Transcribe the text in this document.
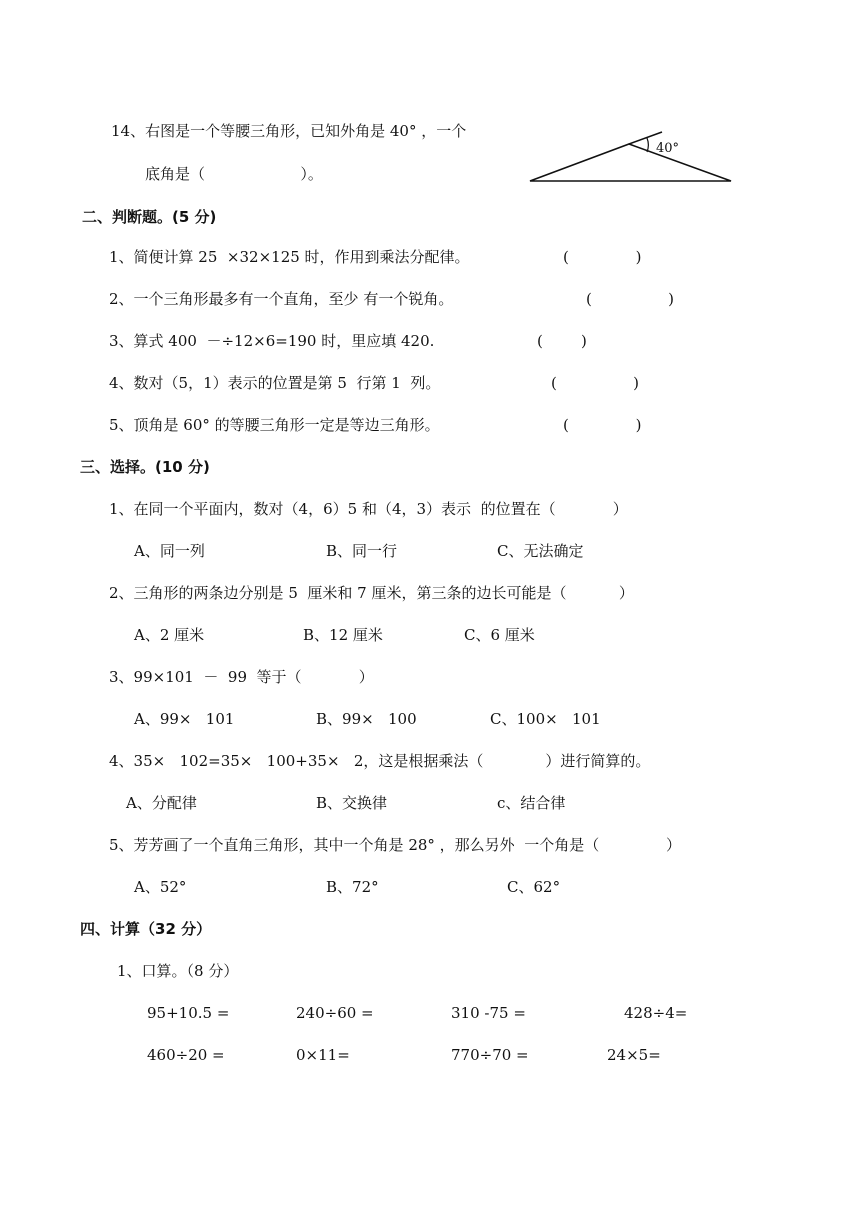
14、右图是一个等腰三角形，已知外角是 40° ，一个
底角是（                    ）。
40°
二、判断题。(5 分)
1、简便计算 25  ×32×125 时，作用到乘法分配律。	(              )
2、一个三角形最多有一个直角，至少 有一个锐角。	(                )
3、算式 400  －÷12×6=190 时，里应填 420.	(        )
4、数对（5，1）表示的位置是第 5  行第 1  列。	(                )
5、顶角是 60° 的等腰三角形一定是等边三角形。	(              )
三、选择。(10 分)
1、在同一个平面内，数对（4，6）5 和（4，3）表示  的位置在（            ）
A、同一列	B、同一行	C、无法确定
2、三角形的两条边分别是 5  厘米和 7 厘米，第三条的边长可能是（           ）
A、2 厘米	B、12 厘米	C、6 厘米
3、99×101  －  99  等于（            ）
A、99×   101	B、99×   100	C、100×   101
4、35×   102=35×   100+35×   2，这是根据乘法（             ）进行简算的。
A、分配律	B、交换律	c、结合律
5、芳芳画了一个直角三角形，其中一个角是 28° ，那么另外  一个角是（              ）
A、52°	B、72°	C、62°
四、计算（32 分）
1、口算。（8 分）
95+10.5 =	240÷60 =	310 -75 =	428÷4=
460÷20 =	0×11=	770÷70 =	24×5=
